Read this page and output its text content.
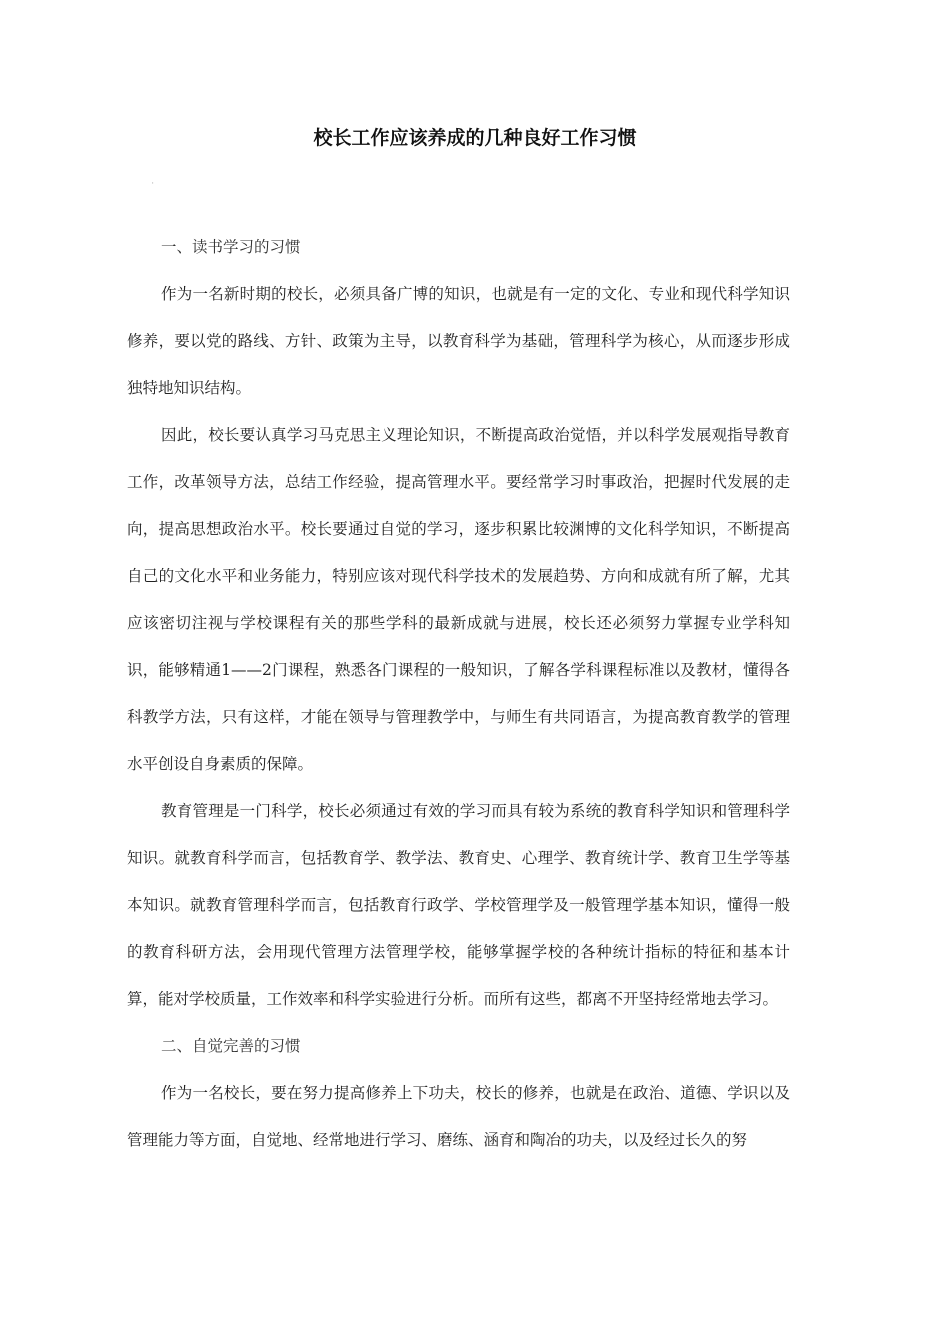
校长工作应该养成的几种良好工作习惯
'

一、读书学习的习惯

作为一名新时期的校长，必须具备广博的知识，也就是有一定的文化、专业和现代科学知识修养，要以党的路线、方针、政策为主导，以教育科学为基础，管理科学为核心，从而逐步形成独特地知识结构。

因此，校长要认真学习马克思主义理论知识，不断提高政治觉悟，并以科学发展观指导教育工作，改革领导方法，总结工作经验，提高管理水平。要经常学习时事政治，把握时代发展的走向，提高思想政治水平。校长要通过自觉的学习，逐步积累比较渊博的文化科学知识，不断提高自己的文化水平和业务能力，特别应该对现代科学技术的发展趋势、方向和成就有所了解，尤其应该密切注视与学校课程有关的那些学科的最新成就与进展，校长还必须努力掌握专业学科知识，能够精通1——2门课程，熟悉各门课程的一般知识，了解各学科课程标准以及教材，懂得各科教学方法，只有这样，才能在领导与管理教学中，与师生有共同语言，为提高教育教学的管理水平创设自身素质的保障。

教育管理是一门科学，校长必须通过有效的学习而具有较为系统的教育科学知识和管理科学知识。就教育科学而言，包括教育学、教学法、教育史、心理学、教育统计学、教育卫生学等基本知识。就教育管理科学而言，包括教育行政学、学校管理学及一般管理学基本知识，懂得一般的教育科研方法，会用现代管理方法管理学校，能够掌握学校的各种统计指标的特征和基本计算，能对学校质量，工作效率和科学实验进行分析。而所有这些，都离不开坚持经常地去学习。

二、自觉完善的习惯

作为一名校长，要在努力提高修养上下功夫，校长的修养，也就是在政治、道德、学识以及管理能力等方面，自觉地、经常地进行学习、磨练、涵育和陶冶的功夫，以及经过长久的努
